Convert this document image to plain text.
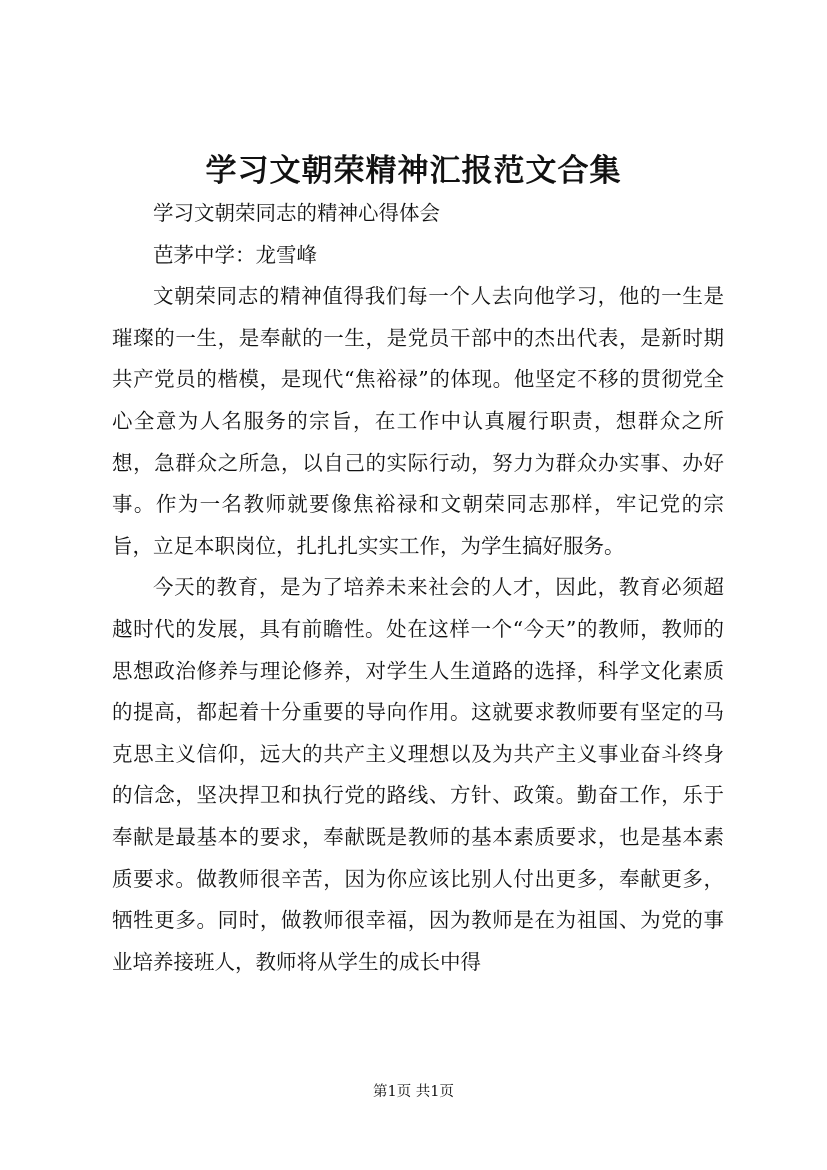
学习文朝荣精神汇报范文合集

学习文朝荣同志的精神心得体会

芭茅中学：龙雪峰

文朝荣同志的精神值得我们每一个人去向他学习，他的一生是璀璨的一生，是奉献的一生，是党员干部中的杰出代表，是新时期共产党员的楷模，是现代“焦裕禄”的体现。他坚定不移的贯彻党全心全意为人名服务的宗旨，在工作中认真履行职责，想群众之所想，急群众之所急，以自己的实际行动，努力为群众办实事、办好事。作为一名教师就要像焦裕禄和文朝荣同志那样，牢记党的宗旨，立足本职岗位，扎扎扎实实工作，为学生搞好服务。

今天的教育，是为了培养未来社会的人才，因此，教育必须超越时代的发展，具有前瞻性。处在这样一个“今天”的教师，教师的思想政治修养与理论修养，对学生人生道路的选择，科学文化素质的提高，都起着十分重要的导向作用。这就要求教师要有坚定的马克思主义信仰，远大的共产主义理想以及为共产主义事业奋斗终身的信念，坚决捍卫和执行党的路线、方针、政策。勤奋工作，乐于奉献是最基本的要求，奉献既是教师的基本素质要求，也是基本素质要求。做教师很辛苦，因为你应该比别人付出更多，奉献更多，牺牲更多。同时，做教师很幸福，因为教师是在为祖国、为党的事业培养接班人，教师将从学生的成长中得

第1页 共1页
